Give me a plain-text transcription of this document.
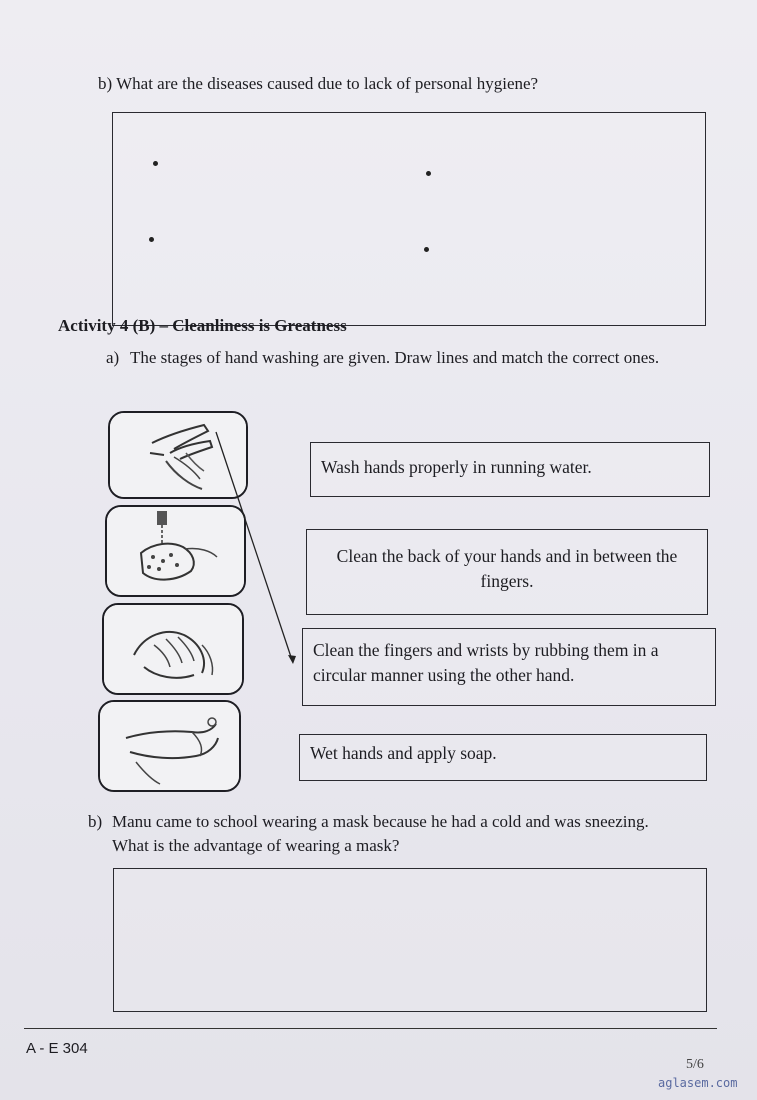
b) What are the diseases caused due to lack of personal hygiene?
Activity 4 (B) – Cleanliness is Greatness
a) The stages of hand washing are given. Draw lines and match the correct ones.
Wash hands properly in running water.
Clean the back of your hands and in between the fingers.
Clean the fingers and wrists by rubbing them in a circular manner using the other hand.
Wet hands and apply soap.
b) Manu came to school wearing a mask because he had a cold and was sneezing. What is the advantage of wearing a mask?
A - E 304
5/6
aglasem.com
